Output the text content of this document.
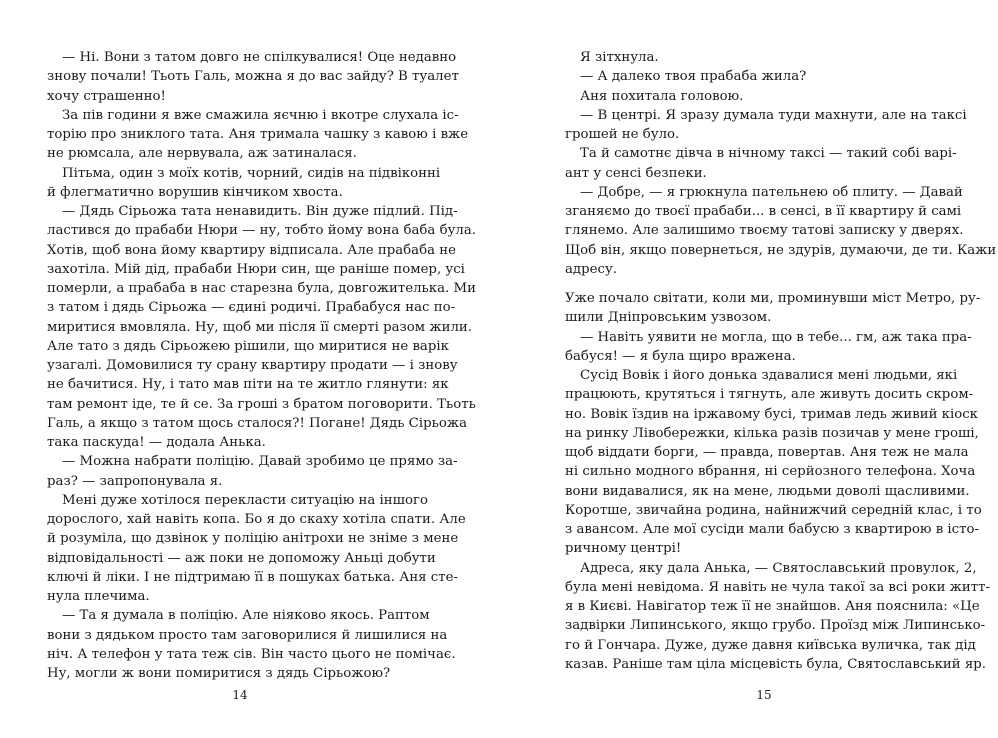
— Ні. Вони з татом довго не спілкувалися! Оце недавно
знову почали! Тьоть Галь, можна я до вас зайду? В туалет
хочу страшенно!
За пів години я вже смажила яєчню і вкотре слухала іс-
торію про зниклого тата. Аня тримала чашку з кавою і вже
не рюмсала, але нервувала, аж затиналася.
Пітьма, один з моїх котів, чорний, сидів на підвіконні
й флегматично ворушив кінчиком хвоста.
— Дядь Сірьожа тата ненавидить. Він дуже підлий. Під-
ластився до прабаби Нюри — ну, тобто йому вона баба була.
Хотів, щоб вона йому квартиру відписала. Але прабаба не
захотіла. Мій дід, прабаби Нюри син, ще раніше помер, усі
померли, а прабаба в нас старезна була, довгожителька. Ми
з татом і дядь Сірьожа — єдині родичі. Прабабуся нас по-
миритися вмовляла. Ну, щоб ми після її смерті разом жили.
Але тато з дядь Сірьожею рішили, що миритися не варік
узагалі. Домовилися ту срану квартиру продати — і знову
не бачитися. Ну, і тато мав піти на те житло глянути: як
там ремонт іде, те й се. За гроші з братом поговорити. Тьоть
Галь, а якщо з татом щось сталося?! Погане! Дядь Сірьожа
така паскуда! — додала Анька.
— Можна набрати поліцію. Давай зробимо це прямо за-
раз? — запропонувала я.
Мені дуже хотілося перекласти ситуацію на іншого
дорослого, хай навіть копа. Бо я до скаху хотіла спати. Але
й розуміла, що дзвінок у поліцію анітрохи не зніме з мене
відповідальності — аж поки не допоможу Аньці добути
ключі й ліки. І не підтримаю її в пошуках батька. Аня сте-
нула плечима.
— Та я думала в поліцію. Але ніяково якось. Раптом
вони з дядьком просто там заговорилися й лишилися на
ніч. А телефон у тата теж сів. Він часто цього не помічає.
Ну, могли ж вони помиритися з дядь Сірьожою?
14
Я зітхнула.
— А далеко твоя прабаба жила?
Аня похитала головою.
— В центрі. Я зразу думала туди махнути, але на таксі
грошей не було.
Та й самотнє дівча в нічному таксі — такий собі варі-
ант у сенсі безпеки.
— Добре, — я грюкнула пательнею об плиту. — Давай
зганяємо до твоєї прабаби... в сенсі, в її квартиру й самі
глянемо. Але залишимо твоєму татові записку у дверях.
Щоб він, якщо повернеться, не здурів, думаючи, де ти. Кажи
адресу.
Уже почало світати, коли ми, проминувши міст Метро, ру-
шили Дніпровським узвозом.
— Навіть уявити не могла, що в тебе... гм, аж така пра-
бабуся! — я була щиро вражена.
Сусід Вовік і його донька здавалися мені людьми, які
працюють, крутяться і тягнуть, але живуть досить скром-
но. Вовік їздив на іржавому бусі, тримав ледь живий кіоск
на ринку Лівобережки, кілька разів позичав у мене гроші,
щоб віддати борги, — правда, повертав. Аня теж не мала
ні сильно модного вбрання, ні серйозного телефона. Хоча
вони видавалися, як на мене, людьми доволі щасливими.
Коротше, звичайна родина, найнижчий середній клас, і то
з авансом. Але мої сусіди мали бабусю з квартирою в істо-
ричному центрі!
Адреса, яку дала Анька, — Святославський провулок, 2,
була мені невідома. Я навіть не чула такої за всі роки житт-
я в Києві. Навігатор теж її не знайшов. Аня пояснила: «Це
задвірки Липинського, якщо грубо. Проїзд між Липинсько-
го й Гончара. Дуже, дуже давня київська вуличка, так дід
казав. Раніше там ціла місцевість була, Святославський яр.
15
